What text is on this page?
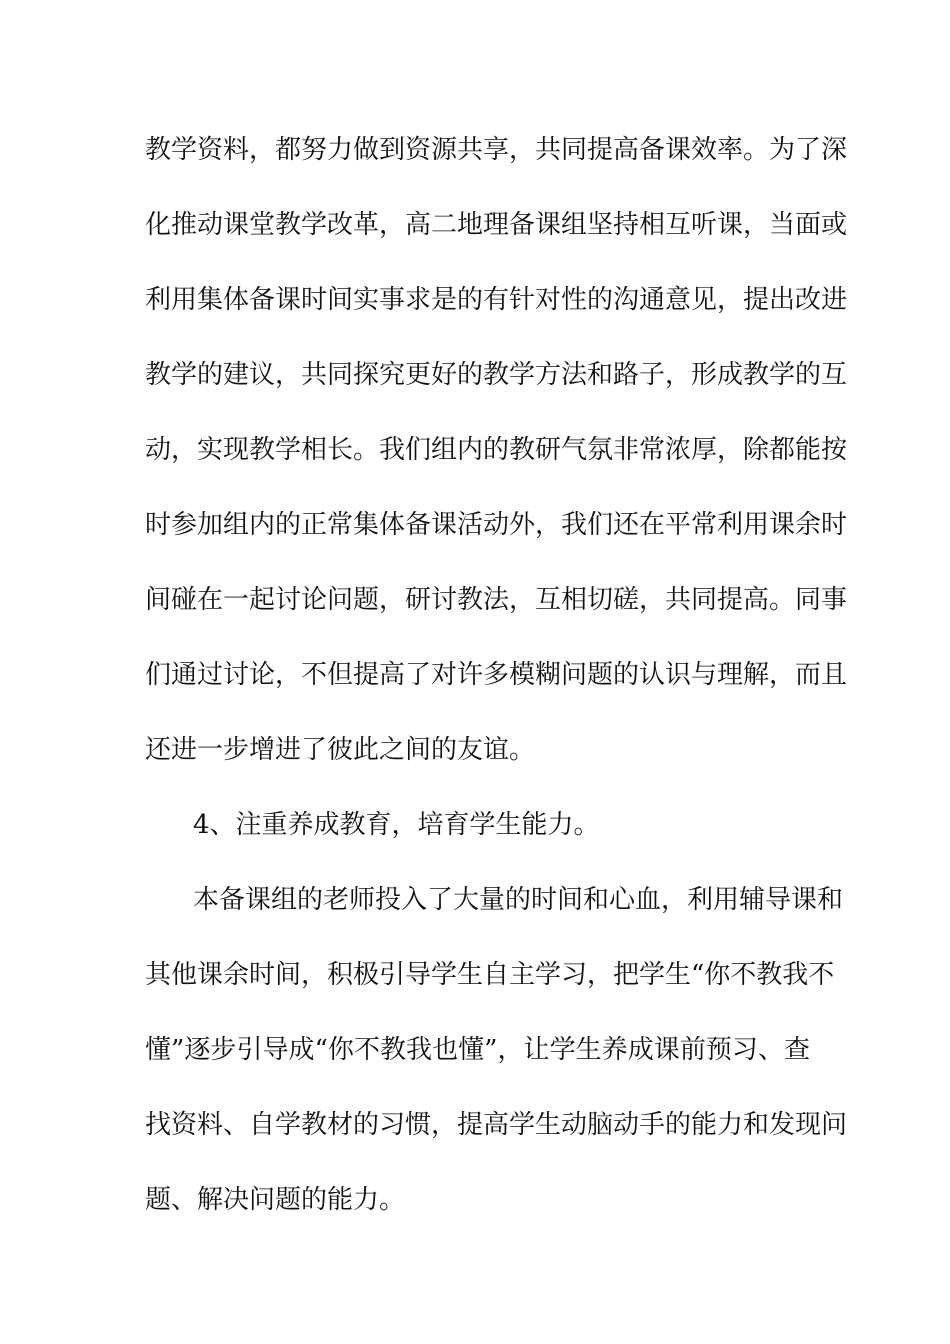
教学资料，都努力做到资源共享，共同提高备课效率。为了深
化推动课堂教学改革，高二地理备课组坚持相互听课，当面或
利用集体备课时间实事求是的有针对性的沟通意见，提出改进
教学的建议，共同探究更好的教学方法和路子，形成教学的互
动，实现教学相长。我们组内的教研气氛非常浓厚，除都能按
时参加组内的正常集体备课活动外，我们还在平常利用课余时
间碰在一起讨论问题，研讨教法，互相切磋，共同提高。同事
们通过讨论，不但提高了对许多模糊问题的认识与理解，而且
还进一步增进了彼此之间的友谊。
4、注重养成教育，培育学生能力。
本备课组的老师投入了大量的时间和心血，利用辅导课和
其他课余时间，积极引导学生自主学习，把学生“你不教我不
懂”逐步引导成“你不教我也懂”，让学生养成课前预习、查
找资料、自学教材的习惯，提高学生动脑动手的能力和发现问
题、解决问题的能力。
